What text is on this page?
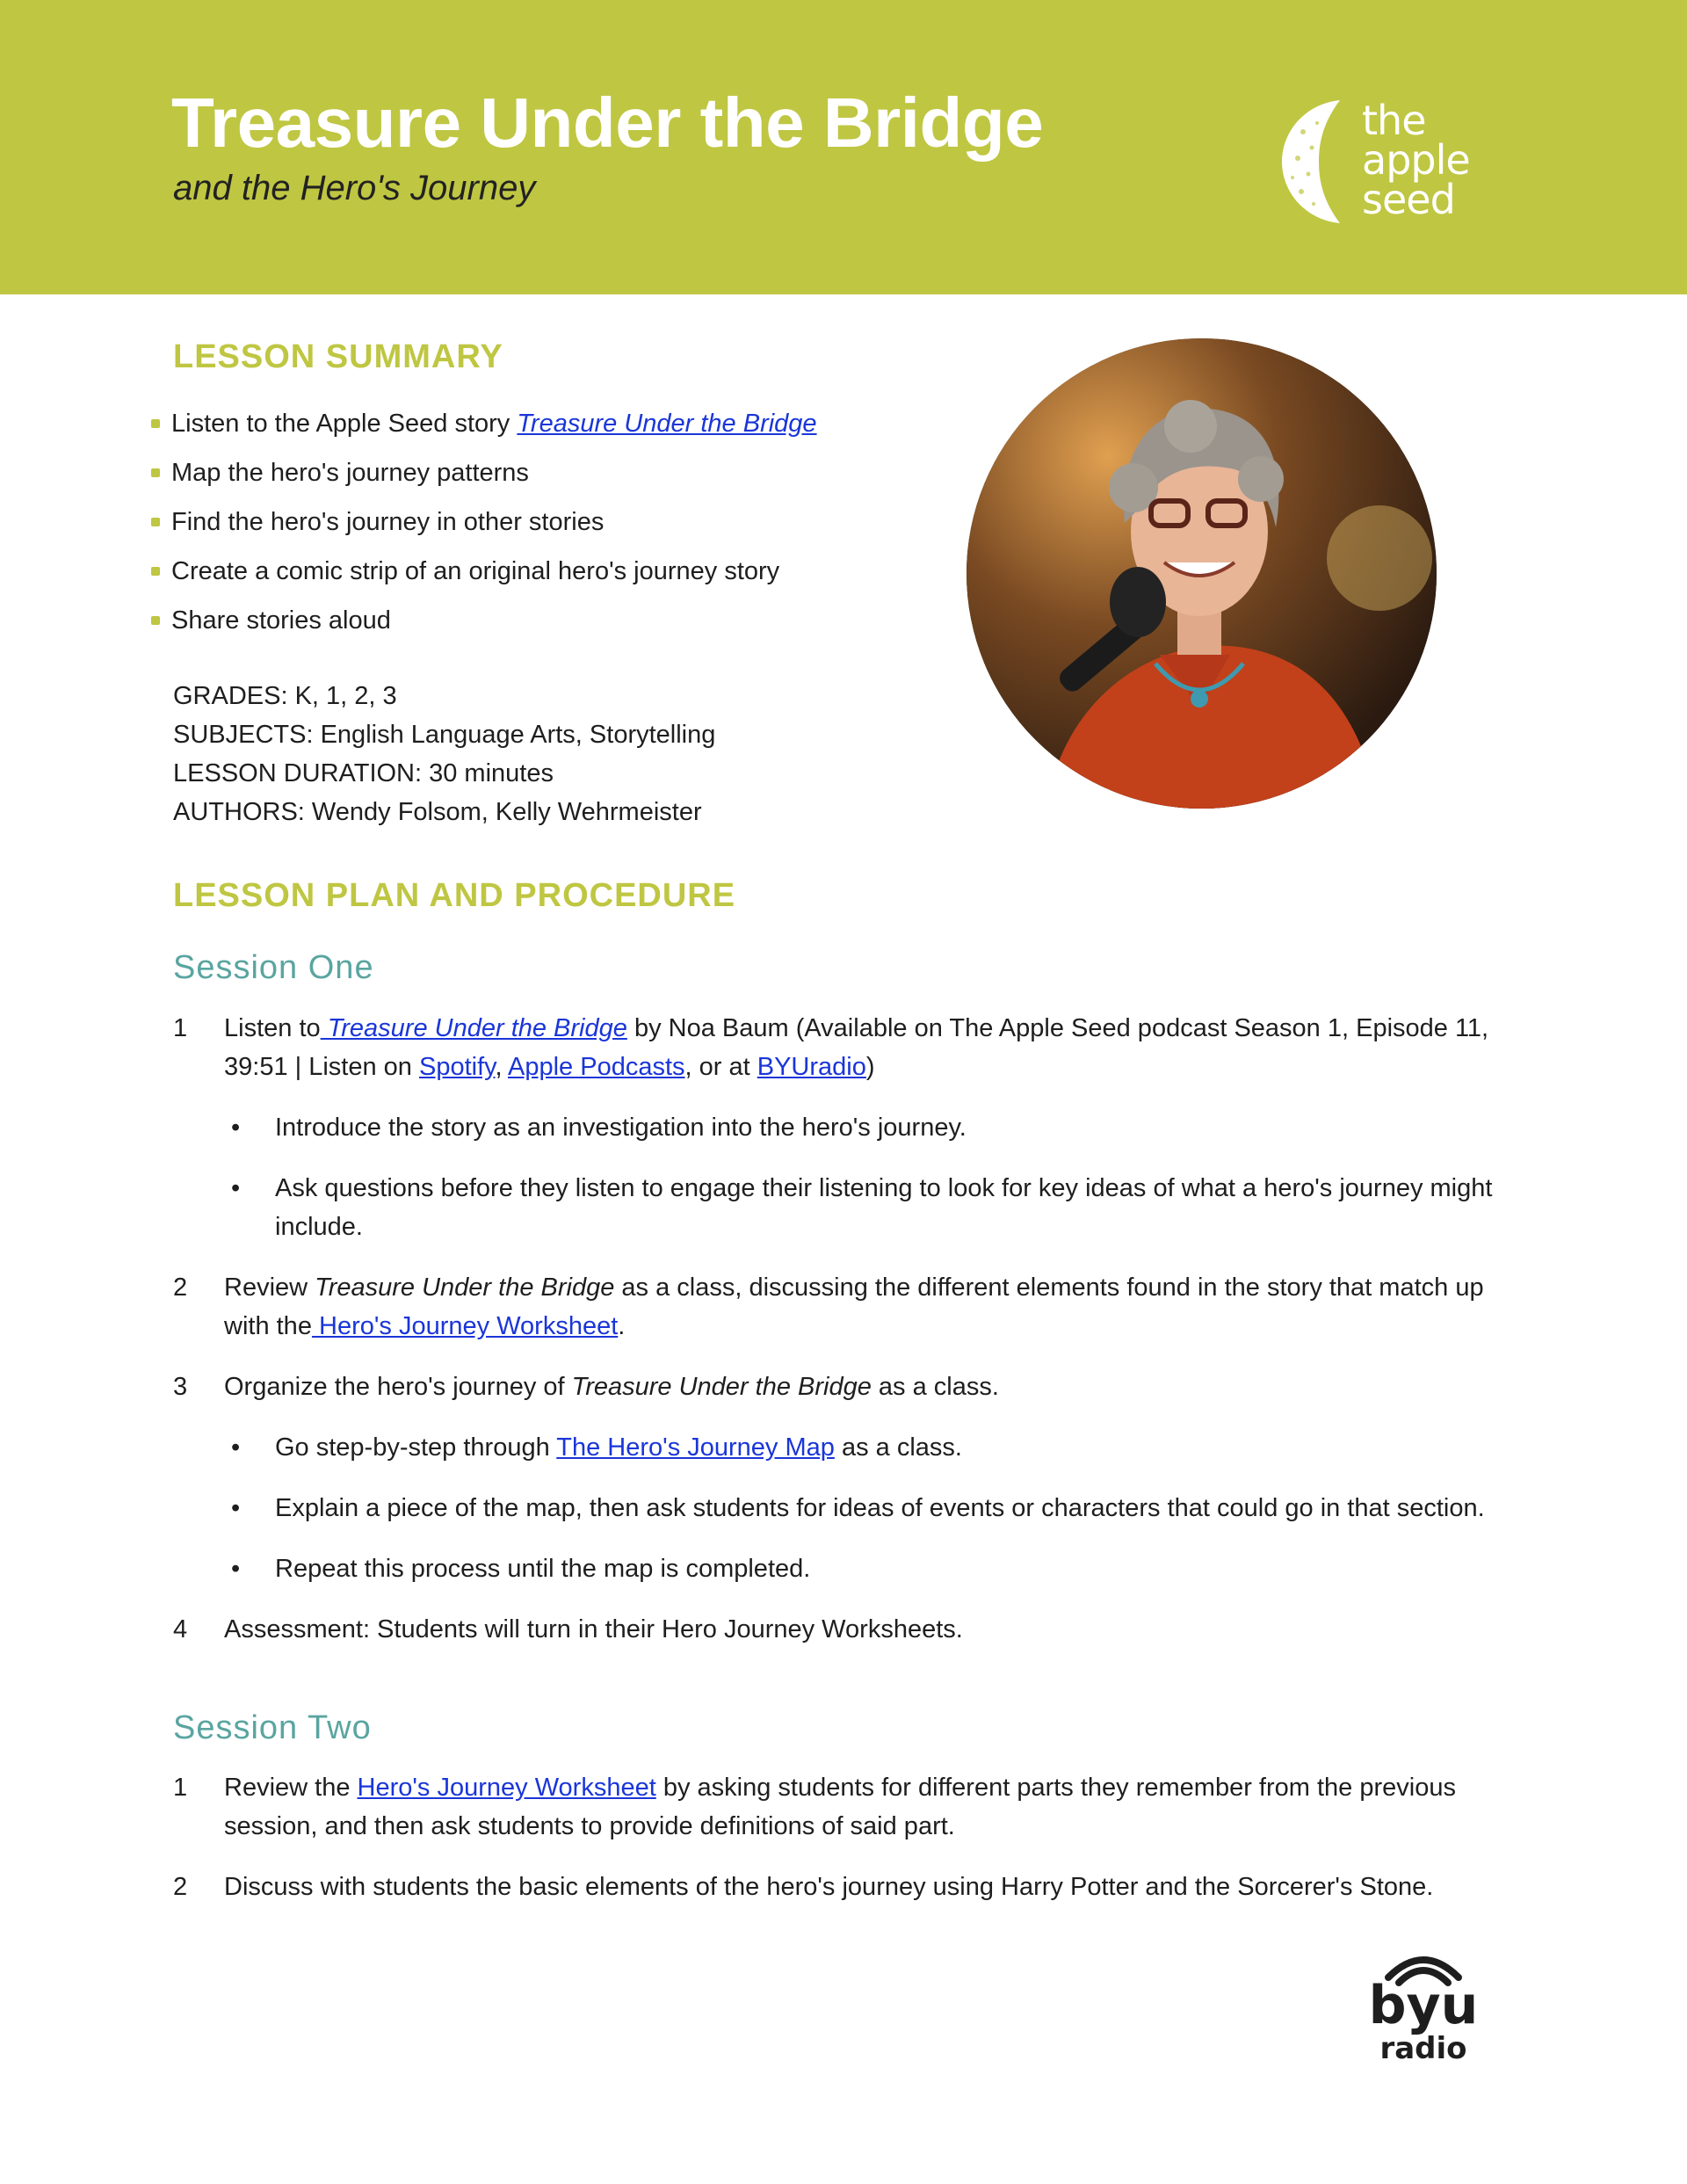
Treasure Under the Bridge
and the Hero's Journey
the
apple
seed
LESSON SUMMARY
Listen to the Apple Seed story Treasure Under the Bridge
Map the hero's journey patterns
Find the hero's journey in other stories
Create a comic strip of an original hero's journey story
Share stories aloud
GRADES: K, 1, 2, 3
SUBJECTS: English Language Arts, Storytelling
LESSON DURATION: 30 minutes
AUTHORS: Wendy Folsom, Kelly Wehrmeister
LESSON PLAN AND PROCEDURE
Session One
1 Listen to Treasure Under the Bridge by Noa Baum (Available on The Apple Seed podcast Season 1, Episode 11, 39:51 | Listen on Spotify, Apple Podcasts, or at BYUradio)
• Introduce the story as an investigation into the hero's journey.
• Ask questions before they listen to engage their listening to look for key ideas of what a hero's journey might include.
2 Review Treasure Under the Bridge as a class, discussing the different elements found in the story that match up with the Hero's Journey Worksheet.
3 Organize the hero's journey of Treasure Under the Bridge as a class.
• Go step-by-step through The Hero's Journey Map as a class.
• Explain a piece of the map, then ask students for ideas of events or characters that could go in that section.
• Repeat this process until the map is completed.
4 Assessment: Students will turn in their Hero Journey Worksheets.
Session Two
1 Review the Hero's Journey Worksheet by asking students for different parts they remember from the previous session, and then ask students to provide definitions of said part.
2 Discuss with students the basic elements of the hero's journey using Harry Potter and the Sorcerer's Stone.
byu
radio
